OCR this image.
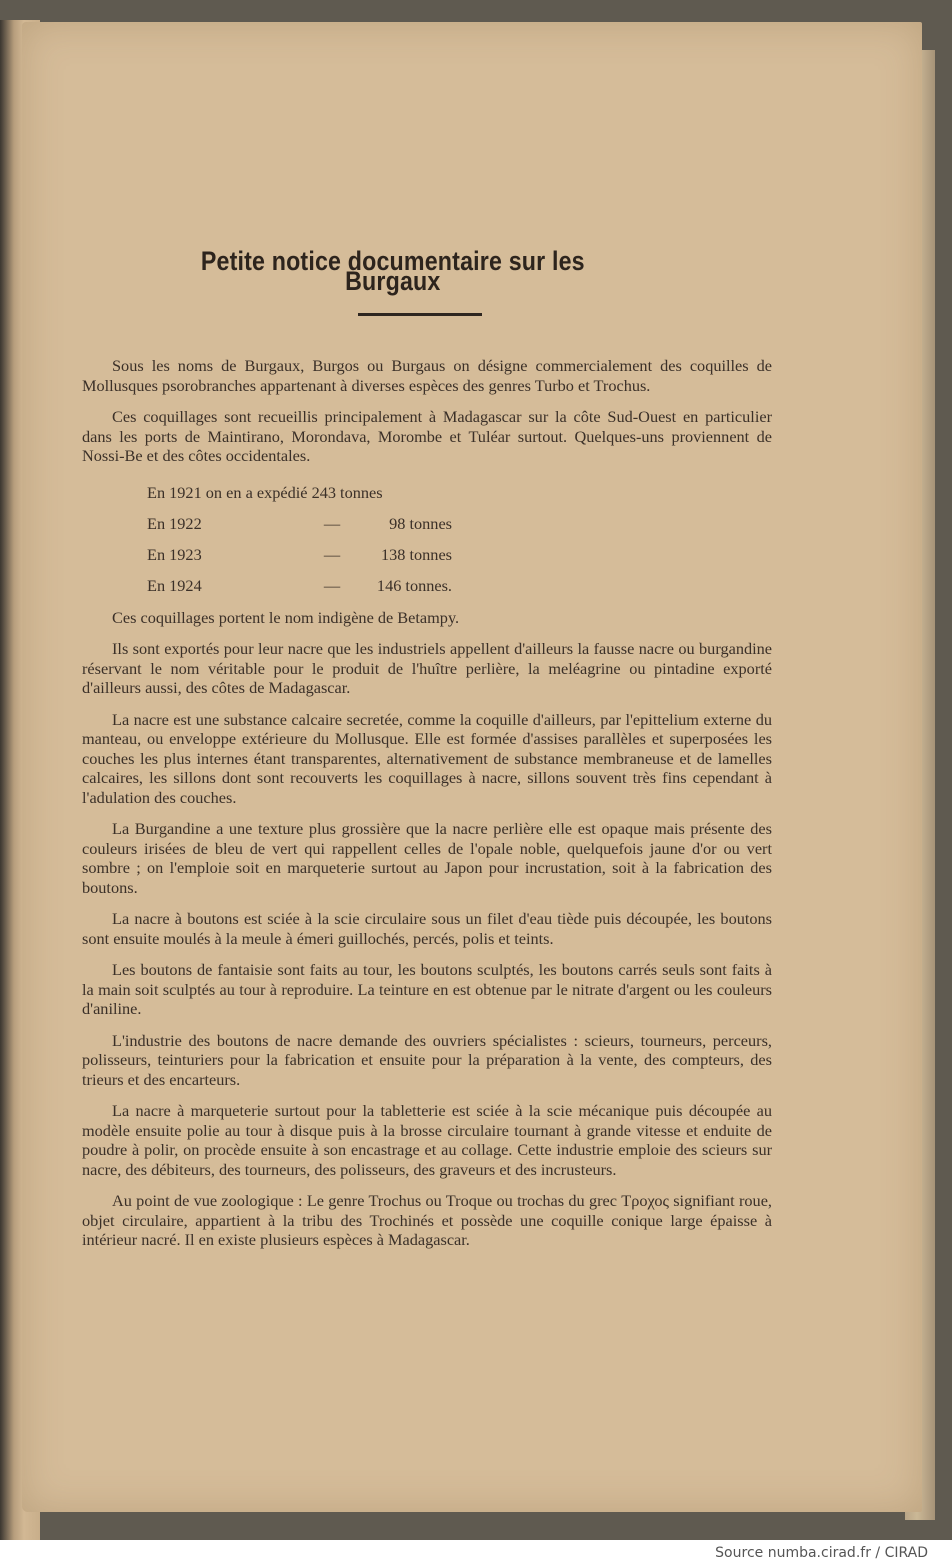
Petite notice documentaire sur les Burgaux

Sous les noms de Burgaux, Burgos ou Burgaus on désigne commercialement des coquilles de Mollusques psorobranches appartenant à diverses espèces des genres Turbo et Trochus.

Ces coquillages sont recueillis principalement à Madagascar sur la côte Sud-Ouest en particulier dans les ports de Maintirano, Morondava, Morombe et Tuléar surtout. Quelques-uns proviennent de Nossi-Be et des côtes occidentales.

En 1921 on en a expédié 243 tonnes
En 1922	—	98 tonnes
En 1923	—	138 tonnes
En 1924	—	146 tonnes.

Ces coquillages portent le nom indigène de Betampy.

Ils sont exportés pour leur nacre que les industriels appellent d'ailleurs la fausse nacre ou burgandine réservant le nom véritable pour le produit de l'huître perlière, la meléagrine ou pintadine exporté d'ailleurs aussi, des côtes de Madagascar.

La nacre est une substance calcaire secretée, comme la coquille d'ailleurs, par l'epittelium externe du manteau, ou enveloppe extérieure du Mollusque. Elle est formée d'assises parallèles et superposées les couches les plus internes étant transparentes, alternativement de substance membraneuse et de lamelles calcaires, les sillons dont sont recouverts les coquillages à nacre, sillons souvent très fins cependant à l'adulation des couches.

La Burgandine a une texture plus grossière que la nacre perlière elle est opaque mais présente des couleurs irisées de bleu de vert qui rappellent celles de l'opale noble, quelquefois jaune d'or ou vert sombre ; on l'emploie soit en marqueterie surtout au Japon pour incrustation, soit à la fabrication des boutons.

La nacre à boutons est sciée à la scie circulaire sous un filet d'eau tiède puis découpée, les boutons sont ensuite moulés à la meule à émeri guillochés, percés, polis et teints.

Les boutons de fantaisie sont faits au tour, les boutons sculptés, les boutons carrés seuls sont faits à la main soit sculptés au tour à reproduire. La teinture en est obtenue par le nitrate d'argent ou les couleurs d'aniline.

L'industrie des boutons de nacre demande des ouvriers spécialistes : scieurs, tourneurs, perceurs, polisseurs, teinturiers pour la fabrication et ensuite pour la préparation à la vente, des compteurs, des trieurs et des encarteurs.

La nacre à marqueterie surtout pour la tabletterie est sciée à la scie mécanique puis découpée au modèle ensuite polie au tour à disque puis à la brosse circulaire tournant à grande vitesse et enduite de poudre à polir, on procède ensuite à son encastrage et au collage. Cette industrie emploie des scieurs sur nacre, des débiteurs, des tourneurs, des polisseurs, des graveurs et des incrusteurs.

Au point de vue zoologique : Le genre Trochus ou Troque ou trochas du grec Τροχος signifiant roue, objet circulaire, appartient à la tribu des Trochinés et possède une coquille conique large épaisse à intérieur nacré. Il en existe plusieurs espèces à Madagascar.

Source numba.cirad.fr / CIRAD
